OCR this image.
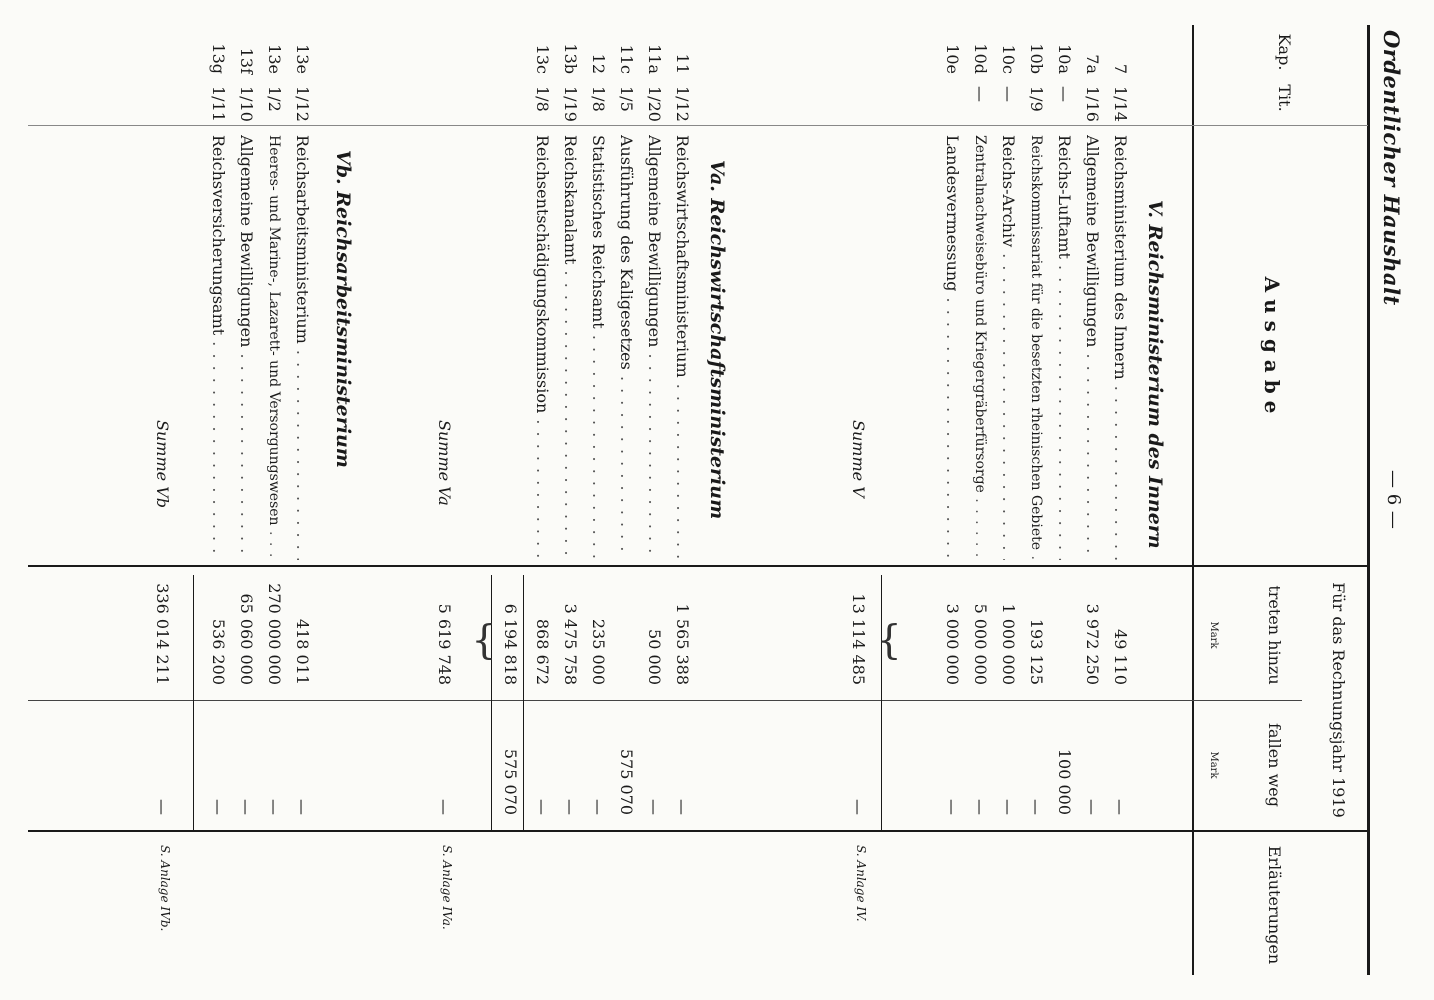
Ordentlicher Haushalt
— 6 —
Kap.
Tit.
A u s g a b e
Für das Rechnungsjahr 1919
treten hinzu
fallen weg
Mark
Mark
Erläuterungen
V. Reichsministerium des Innern
7
1/14
Reichsministerium des Innern . . .
49 110
—
7a
1/16
Allgemeine Bewilligungen . . .
3 972 250
—
10a
—
Reichs-Luftamt . . .
100 000
10b
1/9
Reichskommissariat für die besetzten rheinischen Gebiete . . .
193 125
—
10c
—
Reichs-Archiv . . .
1 000 000
—
10d
—
Zentralnachweisebüro und Kriegergräberfürsorge . . .
5 000 000
—
10e
Landesvermessung . . .
3 000 000
—
}
Summe V
13 114 485
—
S. Anlage IV.
Va. Reichswirtschaftsministerium
11
1/12
Reichswirtschaftsministerium . . .
1 565 388
—
11a
1/20
Allgemeine Bewilligungen . . .
50 000
—
11c
1/5
Ausführung des Kaligesetzes . . .
575 070
12
1/8
Statistisches Reichsamt . . .
235 000
—
13b
1/19
Reichskanalamt . . .
3 475 758
—
13c
1/8
Reichsentschädigungskommission . . .
868 672
—
6 194 818
575 070
}
Summe Va
5 619 748
—
S. Anlage IVa.
Vb. Reichsarbeitsministerium
13e
1/12
Reichsarbeitsministerium . . .
418 011
—
13e
1/2
Heeres- und Marine-, Lazarett- und Versorgungswesen . . .
270 000 000
—
13f
1/10
Allgemeine Bewilligungen . . .
65 060 000
—
13g
1/11
Reichsversicherungsamt . . .
536 200
—
Summe Vb
336 014 211
—
S. Anlage IVb.
